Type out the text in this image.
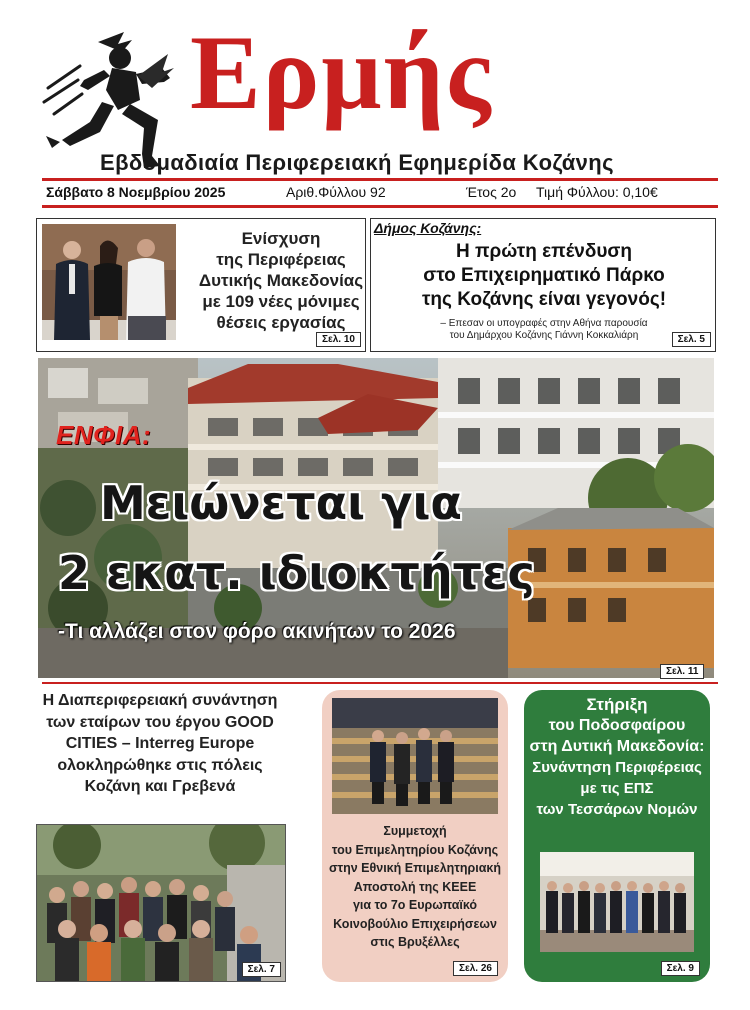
Ερμής
Εβδομαδιαία Περιφερειακή Εφημερίδα Κοζάνης
Σάββατο 8 Νοεμβρίου 2025	Αριθ.Φύλλου 92	Έτος 2ο Τιμή Φύλλου: 0,10€
Σελ. 10
Ενίσχυση
της Περιφέρειας
Δυτικής Μακεδονίας
με 109 νέες μόνιμες
θέσεις εργασίας
Σελ. 5
Δήμος Κοζάνης:
Η πρώτη επένδυση
στο Επιχειρηματικό Πάρκο
της Κοζάνης είναι γεγονός!
– Επεσαν οι υπογραφές στην Αθήνα παρουσία
του Δημάρχου Κοζάνης Γιάννη Κοκκαλιάρη
ΕΝΦΙΑ:
Μειώνεται για
2 εκατ. ιδιοκτήτες
-Τι αλλάζει στον φόρο ακινήτων το 2026
Σελ. 11
Η Διαπεριφερειακή συνάντηση
των εταίρων του έργου GOOD
CITIES – Interreg Europe
ολοκληρώθηκε στις πόλεις
Κοζάνη και Γρεβενά
Σελ. 7	Σελ. 26
Συμμετοχή
του Επιμελητηρίου Κοζάνης
στην Εθνική Επιμελητηριακή
Αποστολή της ΚΕΕΕ
για το 7ο Ευρωπαϊκό
Κοινοβούλιο Επιχειρήσεων
στις Βρυξέλλες
Σελ. 9
Στήριξη
του Ποδοσφαίρου
στη Δυτική Μακεδονία:
Συνάντηση Περιφέρειας
με τις ΕΠΣ
των Τεσσάρων Νομών
